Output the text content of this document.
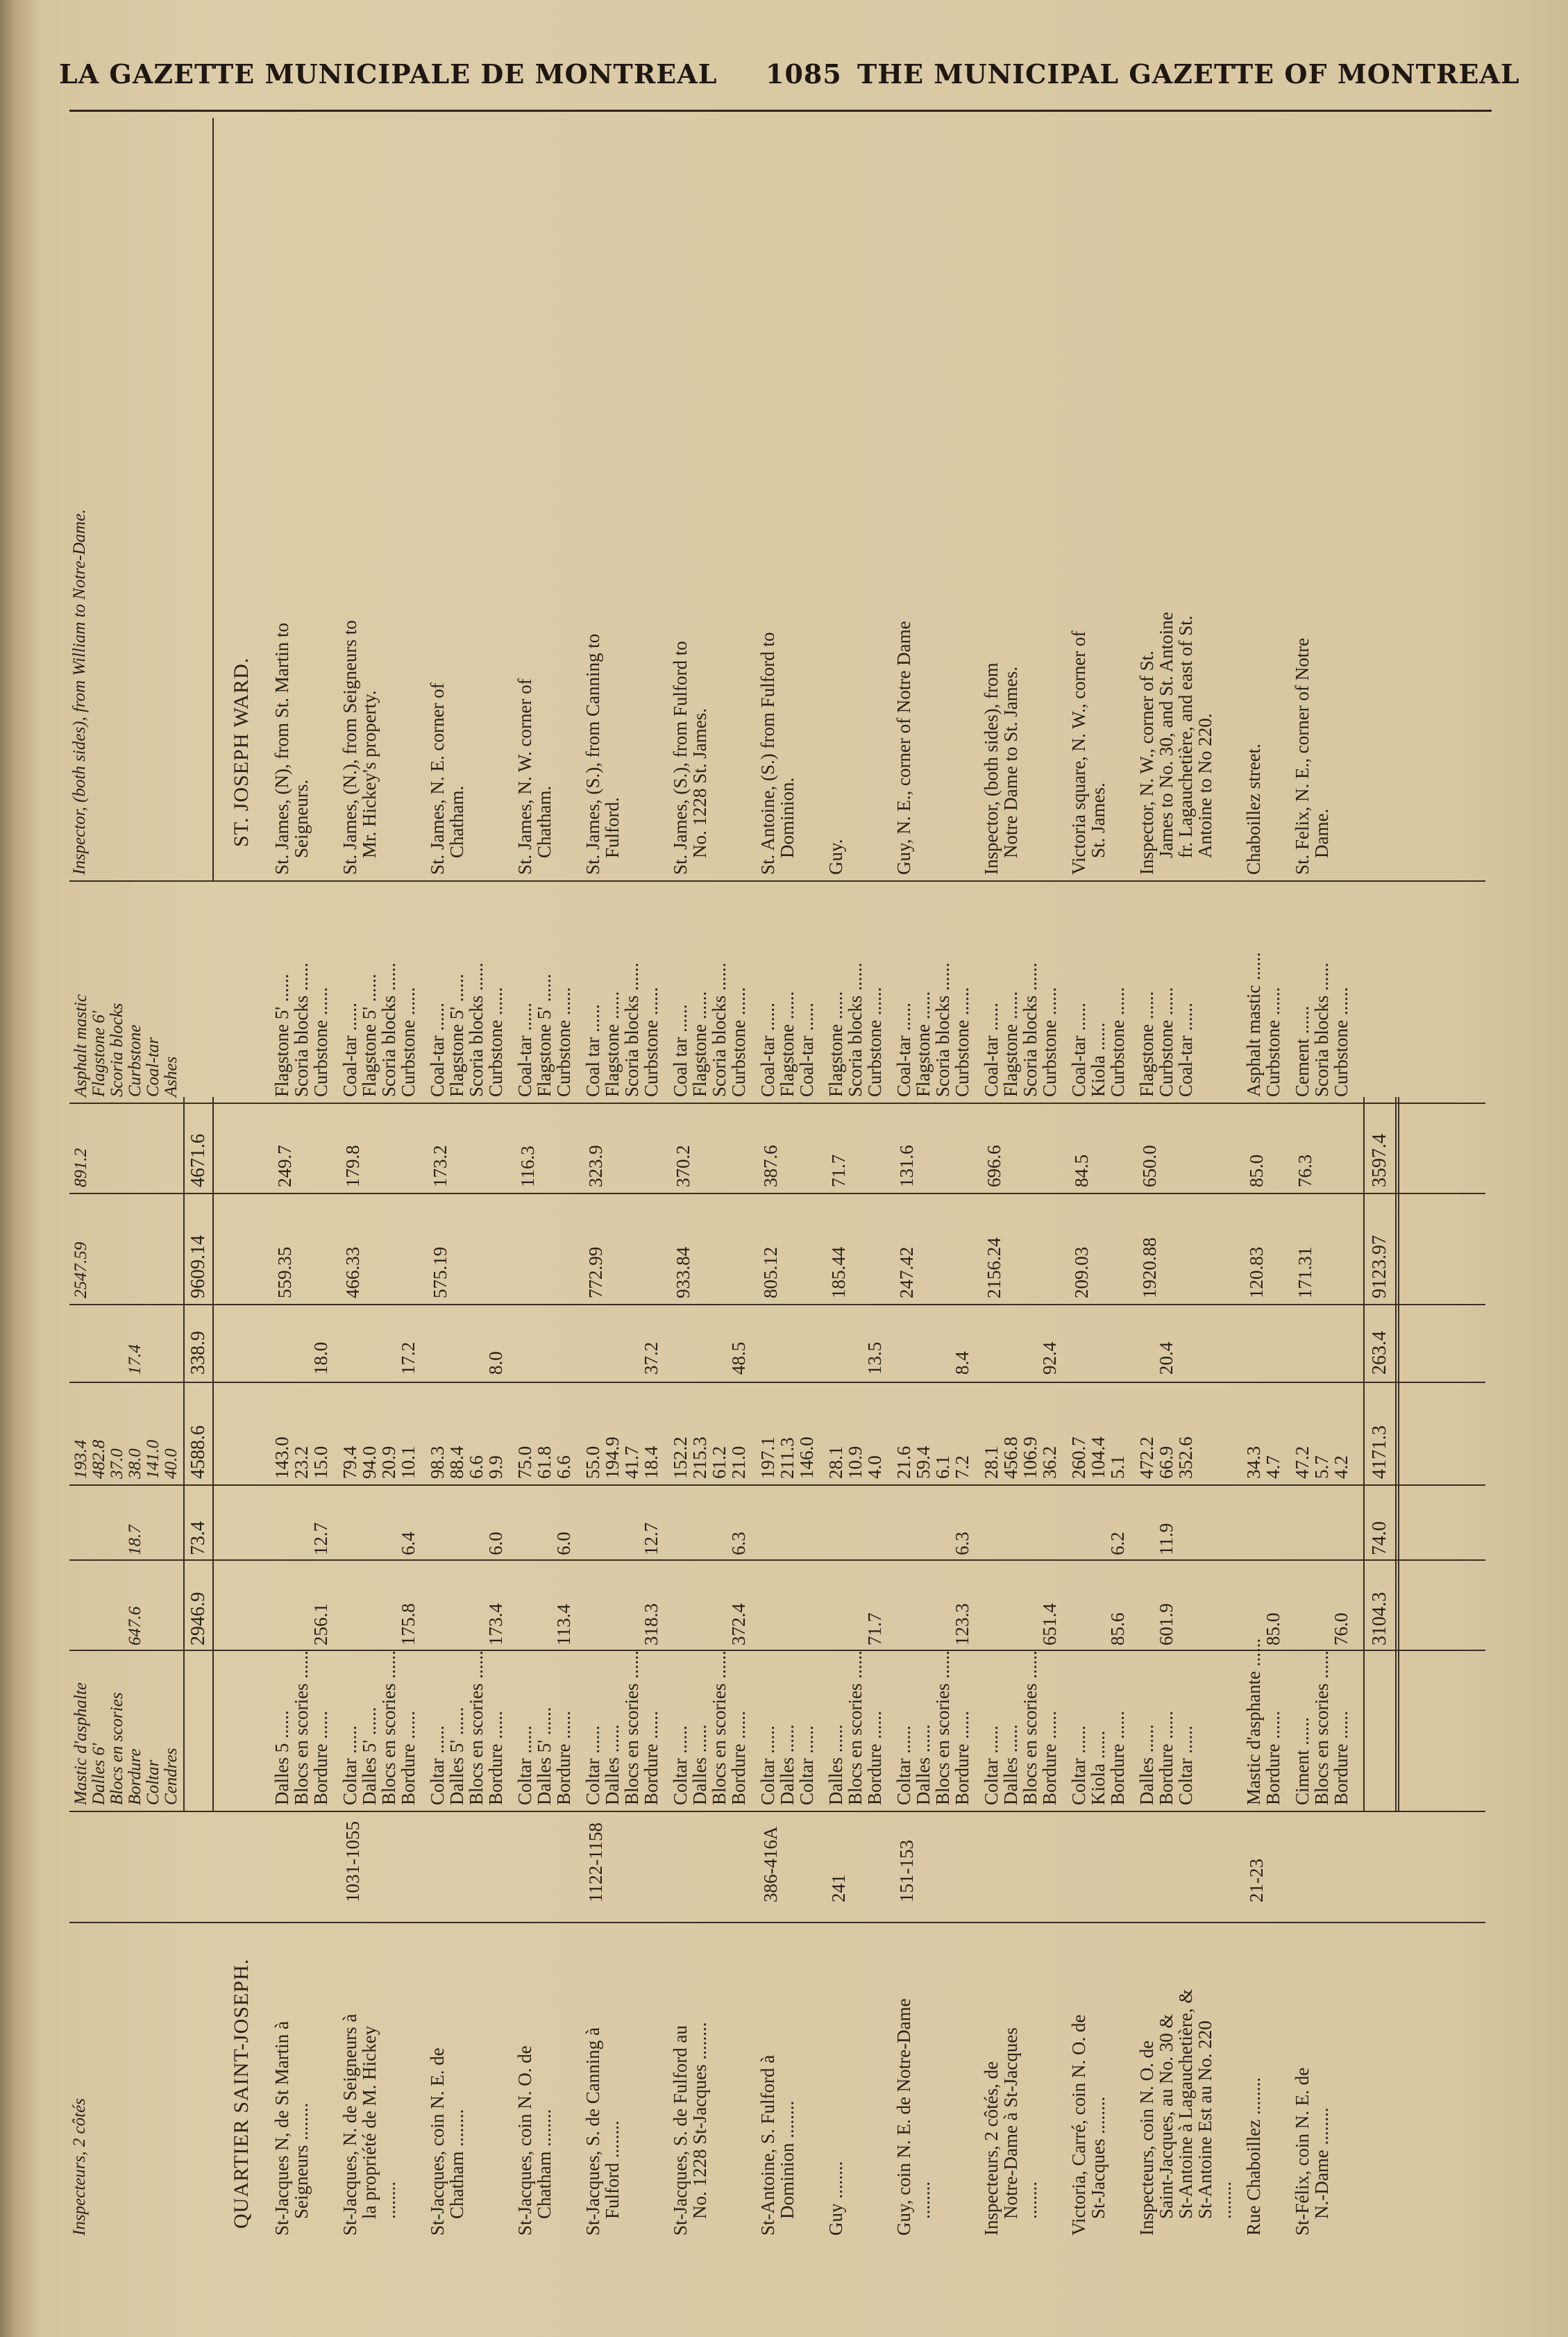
LA GAZETTE MUNICIPALE DE MONTREAL 1085 THE MUNICIPAL GAZETTE OF MONTREAL
Inspecteurs, 2 côtés
Mastic d'asphalte
193.4
Asphalt mastic
Dalles 6'
482.8
Flagstone 6'
Blocs en scories
37.0
Scoria blocks
Bordure
647.6
18.7
38.0
17.4
Curbstone
Coltar
141.0
Coal-tar
Cendres
40.0
Ashes
2547.59
891.2
Inspector, (both sides), from William to Notre-Dame.
2946.9
73.4
4588.6
338.9
9609.14
4671.6
QUARTIER SAINT-JOSEPH.
ST. JOSEPH WARD.
St-Jacques N, de St Martin à
Seigneurs ........
Dalles 5 ......
143.0
Flagstone 5' ......
Blocs en scories ......
23.2
Scoria blocks ......
Bordure ......
256.1
12.7
15.0
18.0
Curbstone ......
559.35
249.7
St. James, (N), from St. Martin to
Seigneurs.
St-Jacques, N. de Seigneurs à
la propriété de M. Hickey
........
1031-1055
Coltar ......
79.4
Coal-tar ......
Dalles 5' ......
94.0
Flagstone 5' ......
Blocs en scories ......
20.9
Scoria blocks ......
Bordure ......
175.8
6.4
10.1
17.2
Curbstone ......
466.33
179.8
St. James, (N.), from Seigneurs to
Mr. Hickey's property.
St-Jacques, coin N. E. de
Chatham ........
Coltar ......
98.3
Coal-tar ......
Dalles 5' ......
88.4
Flagstone 5' ......
Blocs en scories ......
6.6
Scoria blocks ......
Bordure ......
173.4
6.0
9.9
8.0
Curbstone ......
575.19
173.2
St. James, N. E. corner of
Chatham.
St-Jacques, coin N. O. de
Chatham ........
Coltar ......
75.0
Coal-tar ......
Dalles 5' ......
61.8
Flagstone 5' ......
Bordure ......
113.4
6.0
6.6
Curbstone ......
116.3
St. James, N. W. corner of
Chatham.
St-Jacques, S. de Canning à
Fulford ........
1122-1158
Coltar ......
55.0
Coal tar ......
Dalles ......
194.9
Flagstone ......
Blocs en scories ......
41.7
Scoria blocks ......
Bordure ......
318.3
12.7
18.4
37.2
Curbstone ......
772.99
323.9
St. James, (S.), from Canning to
Fulford.
St-Jacques, S. de Fulford au
No. 1228 St-Jacques ........
Coltar ......
152.2
Coal tar ......
Dalles ......
215.3
Flagstone ......
Blocs en scories ......
61.2
Scoria blocks ......
Bordure ......
372.4
6.3
21.0
48.5
Curbstone ......
933.84
370.2
St. James, (S.), from Fulford to
No. 1228 St. James.
St-Antoine, S. Fulford à
Dominion ........
386-416A
Coltar ......
197.1
Coal-tar ......
Dalles ......
211.3
Flagstone ......
Coltar ......
146.0
Coal-tar ......
805.12
387.6
St. Antoine, (S.) from Fulford to
Dominion.
Guy ........
241
Dalles ......
28.1
Flagstone ......
Blocs en scories ......
10.9
Scoria blocks ......
Bordure ......
71.7
4.0
13.5
Curbstone ......
185.44
71.7
Guy.
Guy, coin N. E. de Notre-Dame
........
151-153
Coltar ......
21.6
Coal-tar ......
Dalles ......
59.4
Flagstone ......
Blocs en scories ......
6.1
Scoria blocks ......
Bordure ......
123.3
6.3
7.2
8.4
Curbstone ......
247.42
131.6
Guy, N. E., corner of Notre Dame
Inspecteurs, 2 côtés, de
Notre-Dame à St-Jacques
........
Coltar ......
28.1
Coal-tar ......
Dalles ......
456.8
Flagstone ......
Blocs en scories ......
106.9
Scoria blocks ......
Bordure ......
651.4
36.2
92.4
Curbstone ......
2156.24
696.6
Inspector, (both sides), from
Notre Dame to St. James.
Victoria, Carré, coin N. O. de
St-Jacques ........
Coltar ......
260.7
Coal-tar ......
Kiola ......
104.4
Kiola ......
Bordure ......
85.6
6.2
5.1
Curbstone ......
209.03
84.5
Victoria square, N. W., corner of
St. James.
Inspecteurs, coin N. O. de
Saint-Jacques, au No. 30 &
St-Antoine à Lagauchetière, &
St-Antoine Est au No. 220
........
Dalles ......
472.2
Flagstone ......
Bordure ......
601.9
11.9
66.9
20.4
Curbstone ......
Coltar ......
352.6
Coal-tar ......
1920.88
650.0
Inspector, N. W., corner of St.
James to No. 30, and St. Antoine
fr. Lagauchetière, and east of St.
Antoine to No 220.
Rue Chaboillez ........
21-23
Mastic d'asphante ......
34.3
Asphalt mastic ......
Bordure ......
85.0
4.7
Curbstone ......
120.83
85.0
Chaboillez street.
St-Félix, coin N. E. de
N.-Dame ........
Ciment ......
47.2
Cement ......
Blocs en scories ......
5.7
Scoria blocks ......
Bordure ......
76.0
4.2
Curbstone ......
171.31
76.3
St. Felix, N. E., corner of Notre
Dame.
3104.3
74.0
4171.3
263.4
9123.97
3597.4
